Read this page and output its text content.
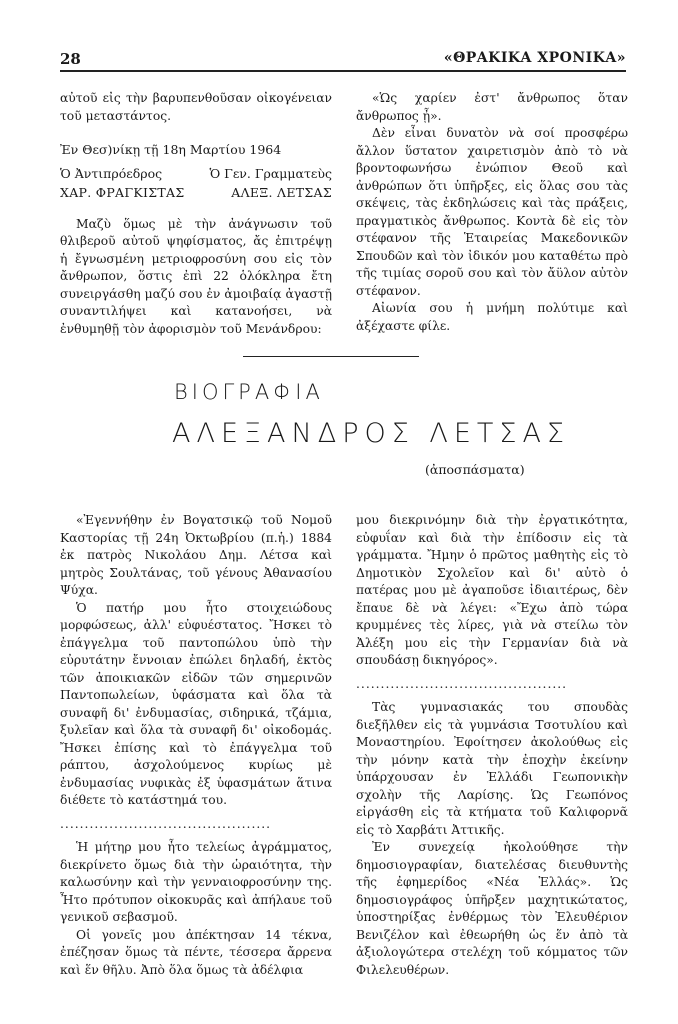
28	«ΘΡΑΚΙΚΑ ΧΡΟΝΙΚΑ»

αὐτοῦ εἰς τὴν βαρυπενθοῦσαν οἰκογένειαν τοῦ μεταστάντος.

Ἐν Θεσ)νίκῃ τῇ 18η Μαρτίου 1964

Ὁ Ἀντιπρόεδρος	Ὁ Γεν. Γραμματεὺς
ΧΑΡ. ΦΡΑΓΚΙΣΤΑΣ	ΑΛΕΞ. ΛΕΤΣΑΣ

Μαζὺ ὅμως μὲ τὴν ἀνάγνωσιν τοῦ θλιβεροῦ αὐτοῦ ψηφίσματος, ἄς ἐπιτρέψῃ ἡ ἔγνωσμένη μετριοφροσύνη σου εἰς τὸν ἄνθρωπον, ὅστις ἐπὶ 22 ὁλόκληρα ἔτη συνειργάσθη μαζύ σου ἐν ἀμοιβαίᾳ ἀγαστῇ συναντιλήψει καὶ κατανοήσει, νὰ ἐνθυμηθῇ τὸν ἀφορισμὸν τοῦ Μενάνδρου:

«Ὡς χαρίεν ἐστ' ἄνθρωπος ὅταν ἄνθρωπος ᾖ».

Δὲν εἶναι δυνατὸν νὰ σοί προσφέρω ἄλλον ὕστατον χαιρετισμὸν ἀπὸ τὸ νὰ βροντοφωνήσω ἐνώπιον Θεοῦ καὶ ἀνθρώπων ὅτι ὑπῆρξες, εἰς ὅλας σου τὰς σκέψεις, τὰς ἐκδηλώσεις καὶ τὰς πράξεις, πραγματικὸς ἄνθρωπος. Κοντὰ δὲ εἰς τὸν στέφανον τῆς Ἑταιρείας Μακεδονικῶν Σπουδῶν καὶ τὸν ἰδικόν μου καταθέτω πρὸ τῆς τιμίας σοροῦ σου καὶ τὸν ἄϋλον αὐτὸν στέφανον.

Αἰωνία σου ἡ μνήμη πολύτιμε καὶ ἀξέχαστε φίλε.

ΒΙΟΓΡΑΦΙΑ
ΑΛΕΞΑΝΔΡΟΣ ΛΕΤΣΑΣ
(ἀποσπάσματα)

«Ἐγεννήθην ἐν Βογατσικῷ τοῦ Νομοῦ Καστορίας τῇ 24η Ὀκτωβρίου (π.ἡ.) 1884 ἐκ πατρὸς Νικολάου Δημ. Λέτσα καὶ μητρὸς Σουλτάνας, τοῦ γένους Ἀθανασίου Ψύχα.

Ὁ πατήρ μου ἦτο στοιχειώδους μορφώσεως, ἀλλ' εὐφυέστατος. Ἤσκει τὸ ἐπάγγελμα τοῦ παντοπώλου ὑπὸ τὴν εὐρυτάτην ἔννοιαν ἐπώλει δηλαδή, ἐκτὸς τῶν ἀποικιακῶν εἰδῶν τῶν σημερινῶν Παντοπωλείων, ὑφάσματα καὶ ὅλα τὰ συναφῆ δι' ἐνδυμασίας, σιδηρικά, τζάμια, ξυλεῖαν καὶ ὅλα τὰ συναφῆ δι' οἰκοδομάς. Ἤσκει ἐπίσης καὶ τὸ ἐπάγγελμα τοῦ ράπτου, ἀσχολούμενος κυρίως μὲ ἐνδυμασίας νυφικὰς ἐξ ὑφασμάτων ἅτινα διέθετε τὸ κατάστημά του.

...........................................

Ἡ μήτηρ μου ἦτο τελείως ἀγράμματος, διεκρίνετο ὅμως διὰ τὴν ὡραιότητα, τὴν καλωσύνην καὶ τὴν γενναιοφροσύνην της. Ἦτο πρότυπον οἰκοκυρᾶς καὶ ἀπήλαυε τοῦ γενικοῦ σεβασμοῦ.

Οἱ γονεῖς μου ἀπέκτησαν 14 τέκνα, ἐπέζησαν ὅμως τὰ πέντε, τέσσερα ἄρρενα καὶ ἕν θῆλυ. Ἀπὸ ὅλα ὅμως τὰ ἀδέλφια

μου διεκρινόμην διὰ τὴν ἐργατικότητα, εὐφυΐαν καὶ διὰ τὴν ἐπίδοσιν εἰς τὰ γράμματα. Ἤμην ὁ πρῶτος μαθητὴς εἰς τὸ Δημοτικὸν Σχολεῖον καὶ δι' αὐτὸ ὁ πατέρας μου μὲ ἀγαποῦσε ἰδιαιτέρως, δὲν ἔπαυε δὲ νὰ λέγει: «Ἔχω ἀπὸ τώρα κρυμμένες τὲς λίρες, γιὰ νὰ στείλω τὸν Ἀλέξη μου εἰς τὴν Γερμανίαν διὰ νὰ σπουδάσῃ δικηγόρος».

...........................................

Τὰς γυμνασιακάς του σπουδὰς διεξῆλθεν εἰς τὰ γυμνάσια Τσοτυλίου καὶ Μοναστηρίου. Ἐφοίτησεν ἀκολούθως εἰς τὴν μόνην κατὰ τὴν ἐποχὴν ἐκείνην ὑπάρχουσαν ἐν Ἑλλάδι Γεωπονικὴν σχολὴν τῆς Λαρίσης. Ὡς Γεωπόνος εἰργάσθη εἰς τὰ κτήματα τοῦ Καλιφορνᾶ εἰς τὸ Χαρβάτι Ἀττικῆς.

Ἐν συνεχείᾳ ἠκολούθησε τὴν δημοσιογραφίαν, διατελέσας διευθυντὴς τῆς ἐφημερίδος «Νέα Ἑλλάς». Ὡς δημοσιογράφος ὑπῆρξεν μαχητικώτατος, ὑποστηρίξας ἐνθέρμως τὸν Ἐλευθέριον Βενιζέλον καὶ ἐθεωρήθη ὡς ἕν ἀπὸ τὰ ἀξιολογώτερα στελέχη τοῦ κόμματος τῶν Φιλελευθέρων.
